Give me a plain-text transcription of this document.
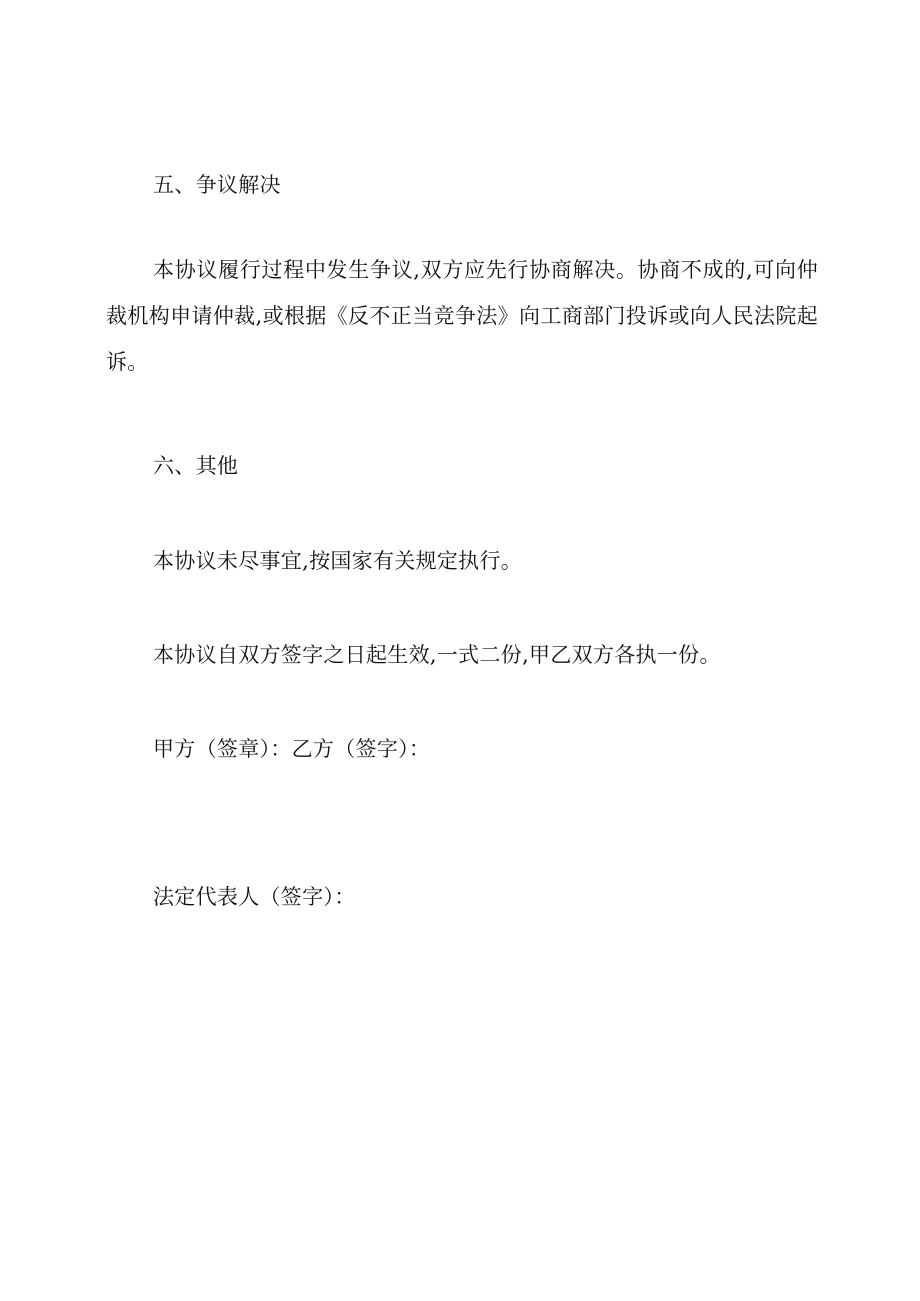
五、争议解决

本协议履行过程中发生争议,双方应先行协商解决。协商不成的,可向仲裁机构申请仲裁,或根据《反不正当竞争法》向工商部门投诉或向人民法院起诉。

六、其他

本协议未尽事宜,按国家有关规定执行。

本协议自双方签字之日起生效,一式二份,甲乙双方各执一份。

甲方（签章）：乙方（签字）：

法定代表人（签字）：
